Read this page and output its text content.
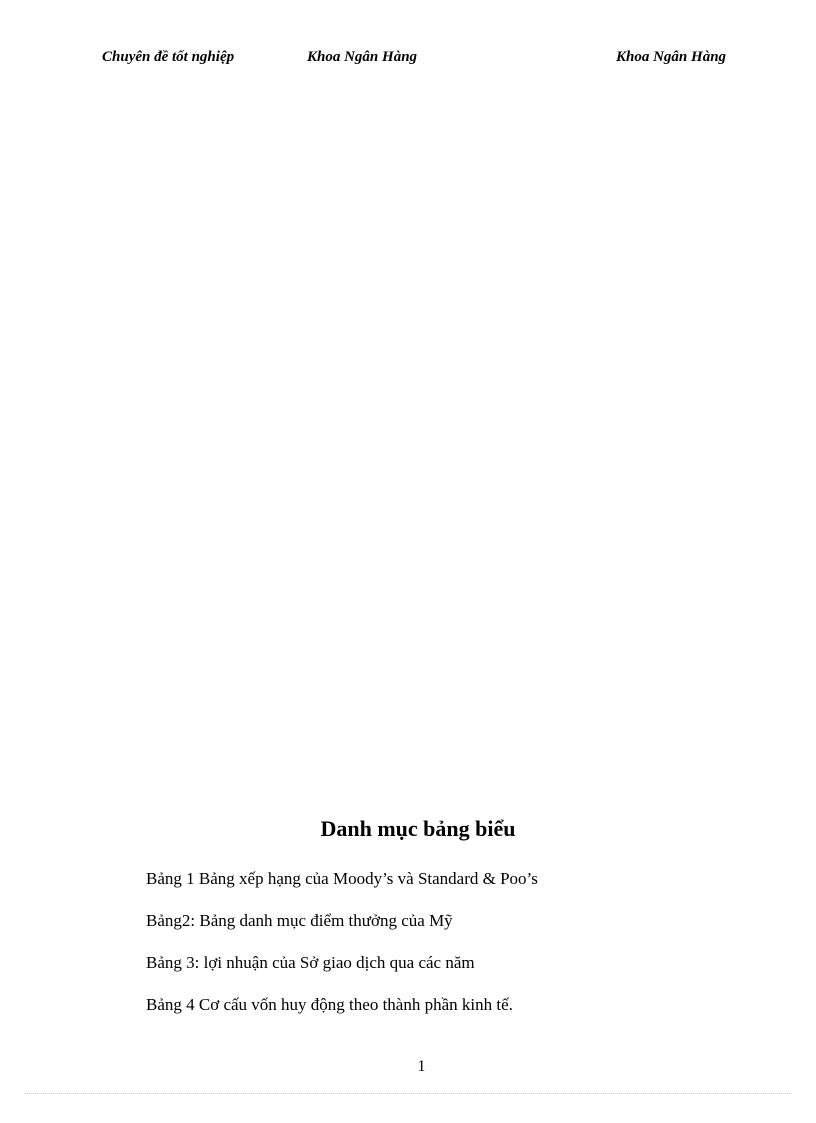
Chuyên đề tốt nghiệp	Khoa Ngân Hàng	Khoa Ngân Hàng
Danh mục bảng biểu
Bảng 1 Bảng xếp hạng của Moody’s và Standard & Poo’s
Bảng2: Bảng danh mục điểm thưởng của Mỹ
Bảng 3: lợi nhuận của Sở giao dịch qua các năm
Bảng 4 Cơ cấu vốn huy động theo thành phần kinh tế.
1
